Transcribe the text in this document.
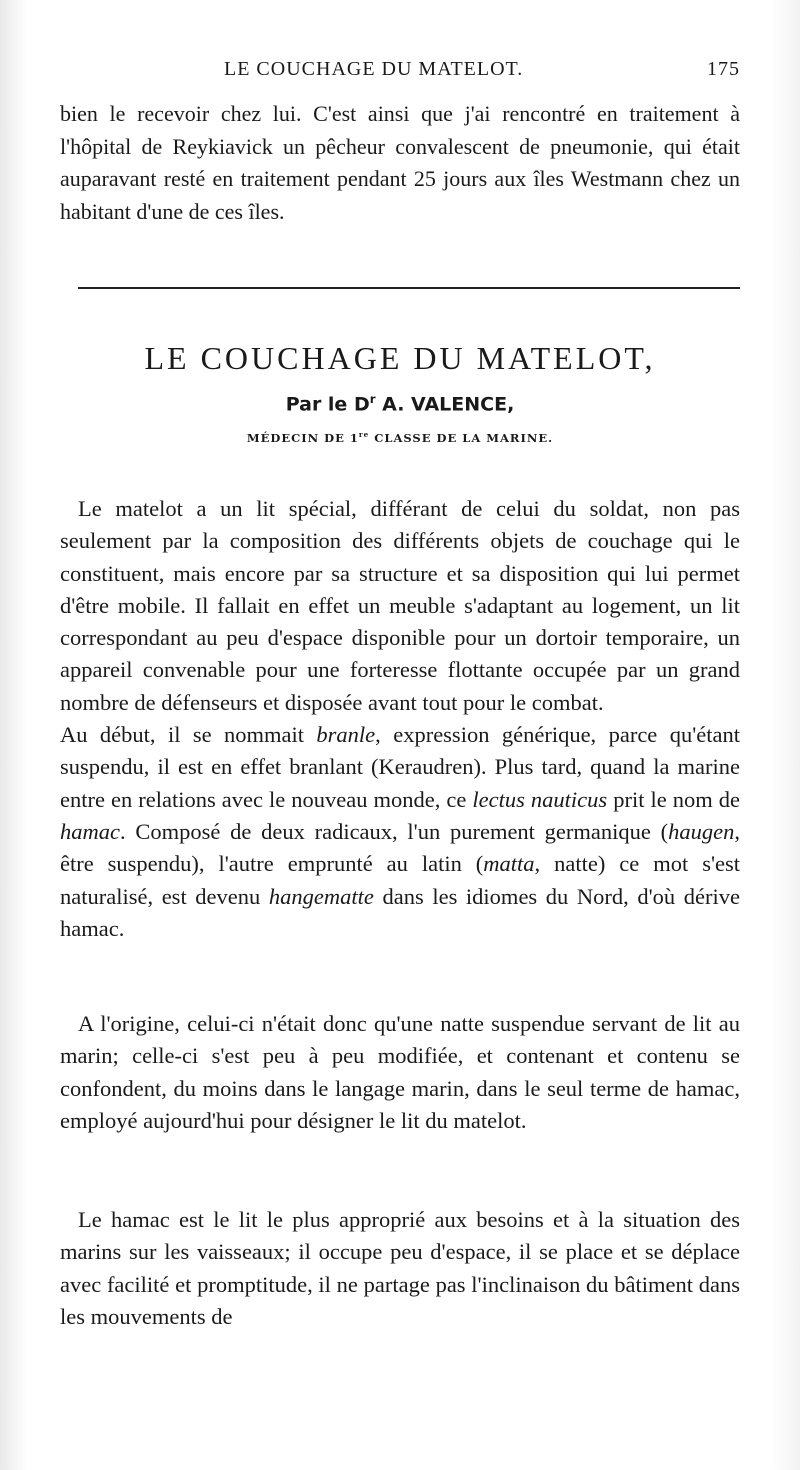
LE COUCHAGE DU MATELOT.	175

bien le recevoir chez lui. C'est ainsi que j'ai rencontré en traitement à l'hôpital de Reykiavick un pêcheur convalescent de pneumonie, qui était auparavant resté en traitement pendant 25 jours aux îles Westmann chez un habitant d'une de ces îles.

LE COUCHAGE DU MATELOT,
Par le $D^r$ A. VALENCE,
MÉDECIN DE 1re CLASSE DE LA MARINE.
Le matelot a un lit spécial, différant de celui du soldat, non pas seulement par la composition des différents objets de couchage qui le constituent, mais encore par sa structure et sa disposition qui lui permet d'être mobile. Il fallait en effet un meuble s'adaptant au logement, un lit correspondant au peu d'espace disponible pour un dortoir temporaire, un appareil convenable pour une forteresse flottante occupée par un grand nombre de défenseurs et disposée avant tout pour le combat.
Au début, il se nommait branle, expression générique, parce qu'étant suspendu, il est en effet branlant (Keraudren). Plus tard, quand la marine entre en relations avec le nouveau monde, ce lectus nauticus prit le nom de hamac. Composé de deux radicaux, l'un purement germanique (haugen, être suspendu), l'autre emprunté au latin (matta, natte) ce mot s'est naturalisé, est devenu hangematte dans les idiomes du Nord, d'où dérive hamac.

A l'origine, celui-ci n'était donc qu'une natte suspendue servant de lit au marin; celle-ci s'est peu à peu modifiée, et contenant et contenu se confondent, du moins dans le langage marin, dans le seul terme de hamac, employé aujourd'hui pour désigner le lit du matelot.

Le hamac est le lit le plus approprié aux besoins et à la situation des marins sur les vaisseaux; il occupe peu d'espace, il se place et se déplace avec facilité et promptitude, il ne partage pas l'inclinaison du bâtiment dans les mouvements de
